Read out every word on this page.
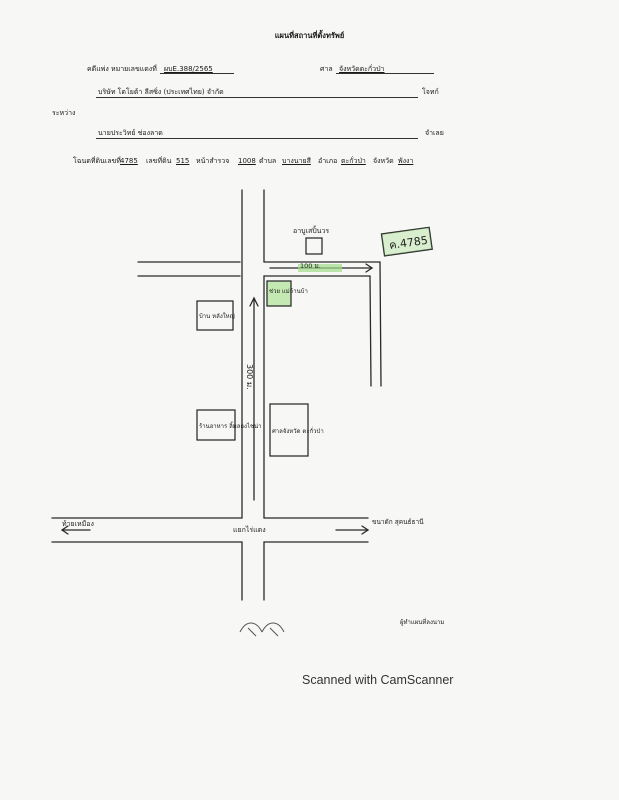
แผนที่สถานที่ตั้งทรัพย์
คดีแพ่ง หมายเลขแดงที่ ผบE.388/2565	ศาล จังหวัดตะกั่วป่า
บริษัท โตโยต้า ลีสซิ่ง (ประเทศไทย) จำกัด	โจทก์
ระหว่าง
นายประวิทย์ ช่องลาด	จำเลย
โฉนดที่ดินเลขที่ 4785 เลขที่ดิน 515 หน้าสำรวจ 1008 ตำบล บางนายสี อำเภอ ตะกั่วป่า จังหวัด พังงา
ค.4785
อาบูเสปิ้นวร
100 ม.
ช่วย แม่จ้านบ้า
บ้าน หลังใหญ่
ร้านอาหาร ลิ้มลองไชน่า
ศาลจังหวัด ตะกั่วป่า
300 ม.
แยกไร่แตง
ท้ายเหมือง	ขนาดัก สุคนธ์ธานี
ผู้ทำแผนที่ลงนาม
Scanned with CamScanner
